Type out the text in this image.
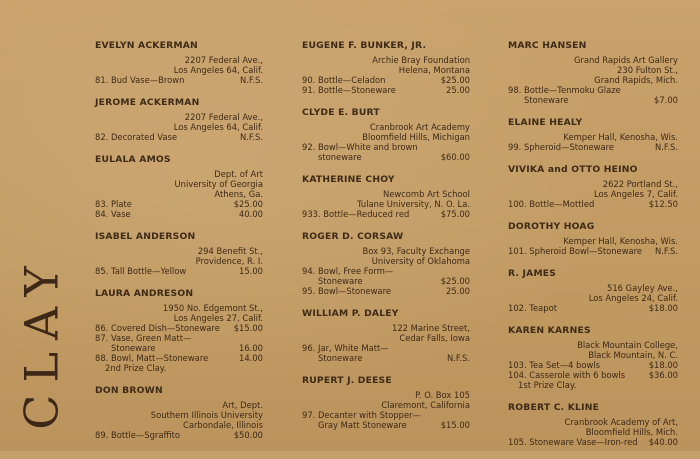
CLAY
EVELYN ACKERMAN
2207 Federal Ave.,
Los Angeles 64, Calif.
81. Bud Vase—Brown	N.F.S.
JEROME ACKERMAN
2207 Federal Ave.,
Los Angeles 64, Calif.
82. Decorated Vase	N.F.S.
EULALA AMOS
Dept. of Art
University of Georgia
Athens, Ga.
83. Plate	$25.00
84. Vase	40.00
ISABEL ANDERSON
294 Benefit St.,
Providence, R. I.
85. Tall Bottle—Yellow	15.00
LAURA ANDRESON
1950 No. Edgemont St.,
Los Angeles 27, Calif.
86. Covered Dish—Stoneware $15.00
87. Vase, Green Matt—
Stoneware	16.00
88. Bowl, Matt—Stoneware	14.00
2nd Prize Clay.
DON BROWN
Art, Dept.
Southern Illinois University
Carbondale, Illinois
89. Bottle—Sgraffito	$50.00
EUGENE F. BUNKER, JR.
Archie Bray Foundation
Helena, Montana
90. Bottle—Celadon	$25.00
91. Bottle—Stoneware	25.00
CLYDE E. BURT
Cranbrook Art Academy
Bloomfield Hills, Michigan
92. Bowl—White and brown
stoneware	$60.00
KATHERINE CHOY
Newcomb Art School
Tulane University, N. O. La.
933. Bottle—Reduced red	$75.00
ROGER D. CORSAW
Box 93, Faculty Exchange
University of Oklahoma
94. Bowl, Free Form—
Stoneware	$25.00
95. Bowl—Stoneware	25.00
WILLIAM P. DALEY
122 Marine Street,
Cedar Falls, Iowa
96. Jar, White Matt—
Stoneware	N.F.S.
RUPERT J. DEESE
P. O. Box 105
Claremont, California
97. Decanter with Stopper—
Gray Matt Stoneware	$15.00
MARC HANSEN
Grand Rapids Art Gallery
230 Fulton St.,
Grand Rapids, Mich.
98. Bottle—Tenmoku Glaze
Stoneware	$7.00
ELAINE HEALY
Kemper Hall, Kenosha, Wis.
99. Spheroid—Stoneware	N.F.S.
VIVIKA and OTTO HEINO
2622 Portland St.,
Los Angeles 7, Calif.
100. Bottle—Mottled	$12.50
DOROTHY HOAG
Kemper Hall, Kenosha, Wis.
101. Spheroid Bowl—Stoneware N.F.S.
R. JAMES
516 Gayley Ave.,
Los Angeles 24, Calif.
102. Teapot	$18.00
KAREN KARNES
Black Mountain College,
Black Mountain, N. C.
103. Tea Set—4 bowls	$18.00
104. Casserole with 6 bowls	$36.00
1st Prize Clay.
ROBERT C. KLINE
Cranbrook Academy of Art,
Bloomfield Hills, Mich.
105. Stoneware Vase—Iron-red $40.00
